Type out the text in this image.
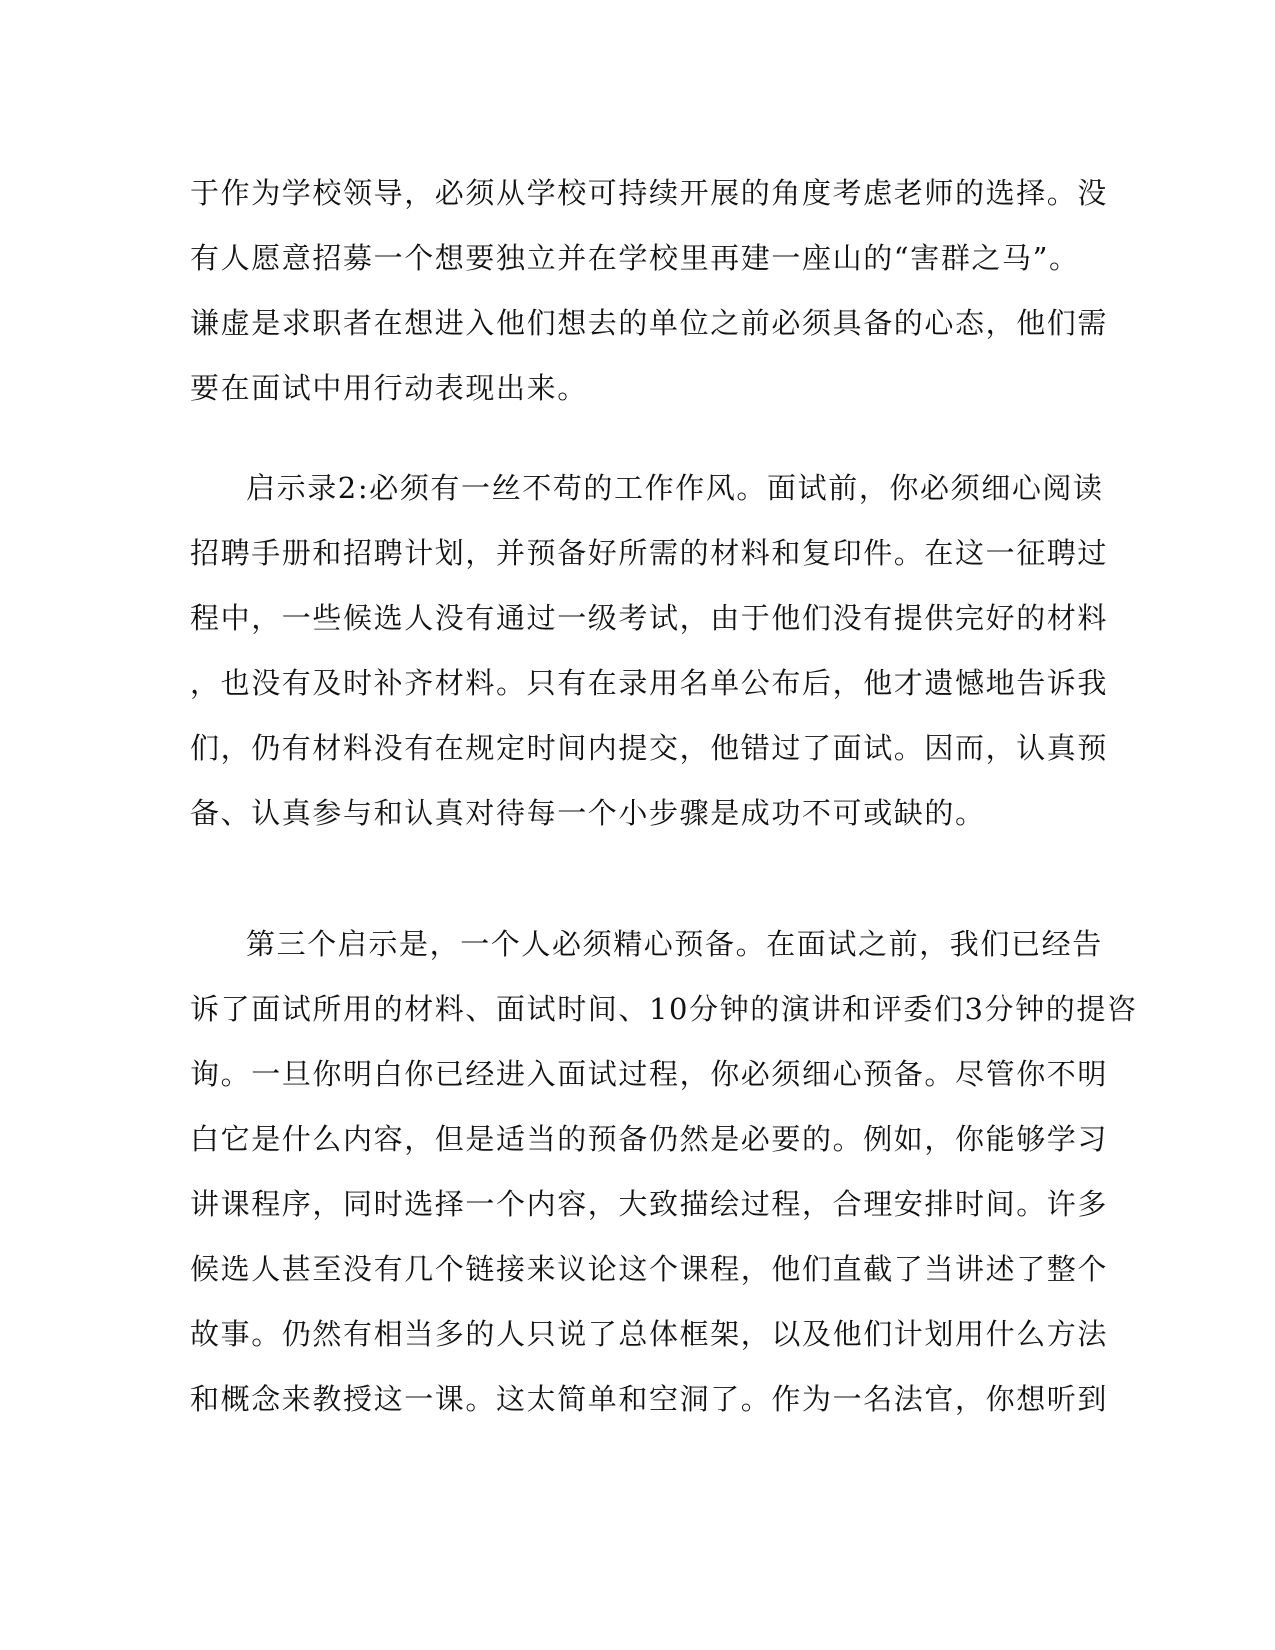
于作为学校领导，必须从学校可持续开展的角度考虑老师的选择。没
有人愿意招募一个想要独立并在学校里再建一座山的“害群之马”。
谦虚是求职者在想进入他们想去的单位之前必须具备的心态，他们需
要在面试中用行动表现出来。

启示录2:必须有一丝不苟的工作作风。面试前，你必须细心阅读
招聘手册和招聘计划，并预备好所需的材料和复印件。在这一征聘过
程中，一些候选人没有通过一级考试，由于他们没有提供完好的材料
，也没有及时补齐材料。只有在录用名单公布后，他才遗憾地告诉我
们，仍有材料没有在规定时间内提交，他错过了面试。因而，认真预
备、认真参与和认真对待每一个小步骤是成功不可或缺的。

第三个启示是，一个人必须精心预备。在面试之前，我们已经告
诉了面试所用的材料、面试时间、10分钟的演讲和评委们3分钟的提咨
询。一旦你明白你已经进入面试过程，你必须细心预备。尽管你不明
白它是什么内容，但是适当的预备仍然是必要的。例如，你能够学习
讲课程序，同时选择一个内容，大致描绘过程，合理安排时间。许多
候选人甚至没有几个链接来议论这个课程，他们直截了当讲述了整个
故事。仍然有相当多的人只说了总体框架，以及他们计划用什么方法
和概念来教授这一课。这太简单和空洞了。作为一名法官，你想听到
